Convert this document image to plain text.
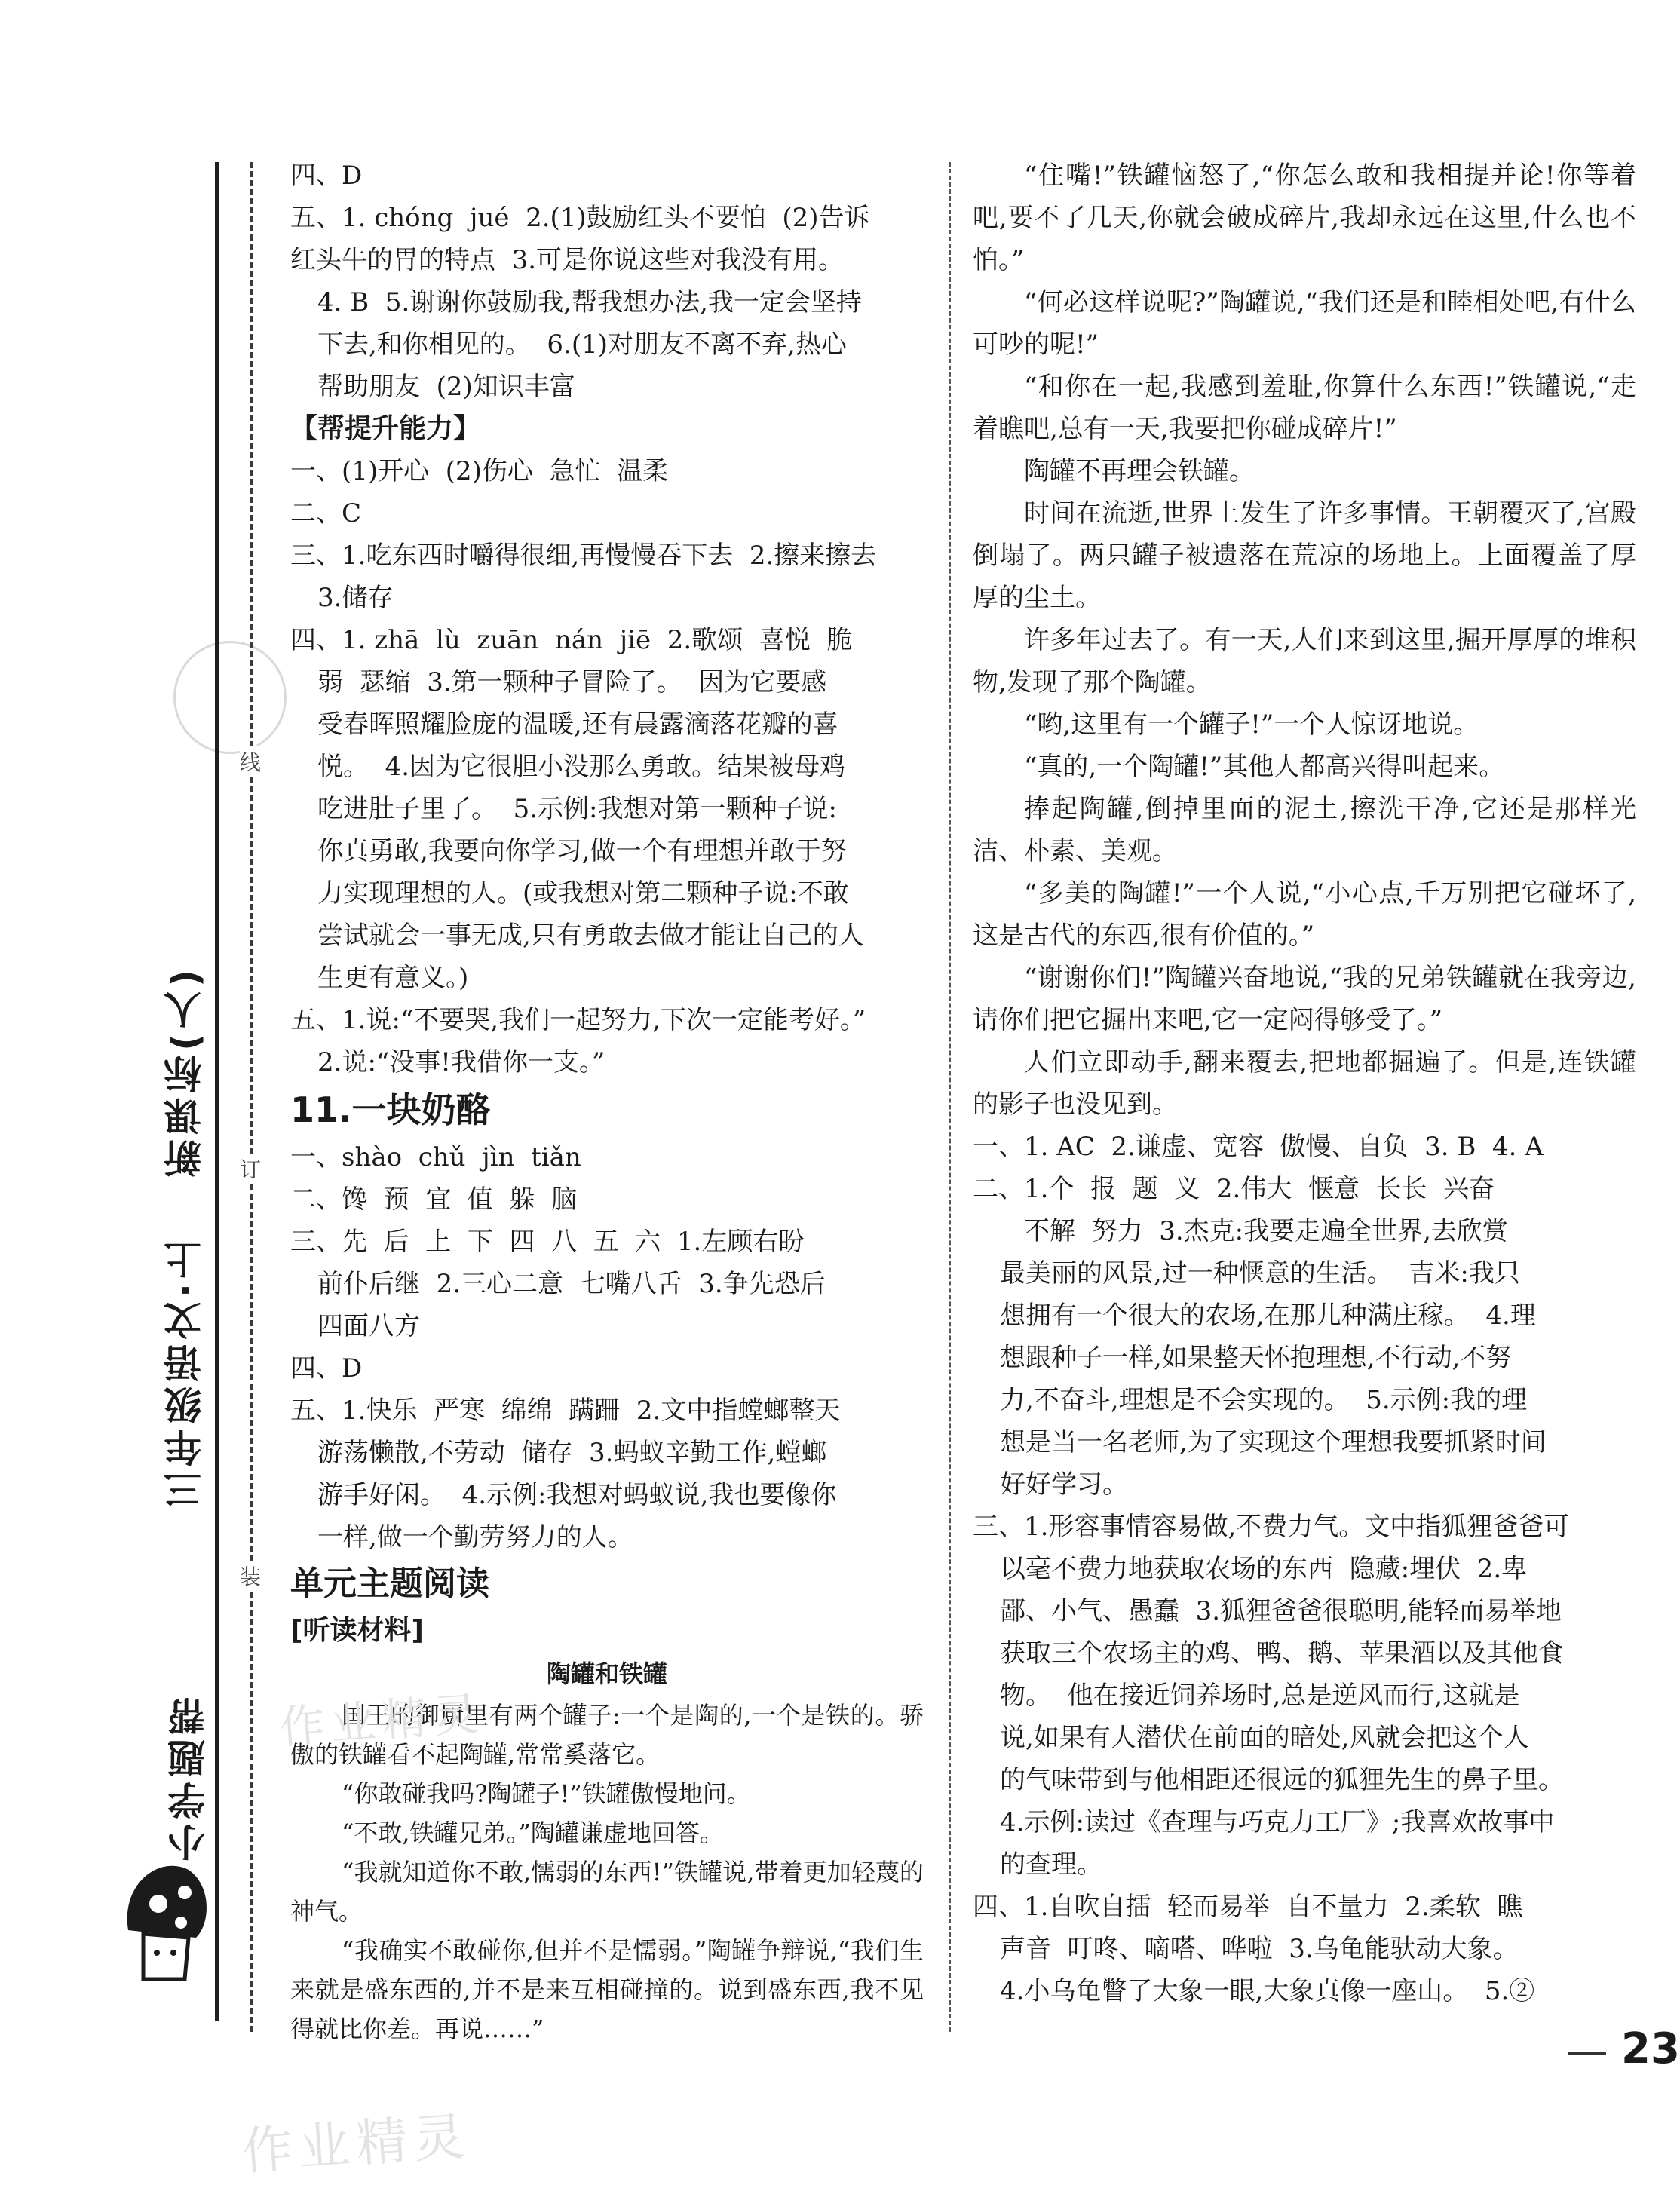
新课标(人)
三年级语文·上
小学题帮
线
订
装
四、D
五、1. chóng  jué  2.(1)鼓励红头不要怕  (2)告诉
红头牛的胃的特点  3.可是你说这些对我没有用。
4. B  5.谢谢你鼓励我,帮我想办法,我一定会坚持
下去,和你相见的。  6.(1)对朋友不离不弃,热心
帮助朋友  (2)知识丰富
【帮提升能力】
一、(1)开心  (2)伤心  急忙  温柔
二、C
三、1.吃东西时嚼得很细,再慢慢吞下去  2.擦来擦去
3.储存
四、1. zhā  lù  zuān  nán  jiē  2.歌颂  喜悦  脆
弱  瑟缩  3.第一颗种子冒险了。  因为它要感
受春晖照耀脸庞的温暖,还有晨露滴落花瓣的喜
悦。  4.因为它很胆小没那么勇敢。结果被母鸡
吃进肚子里了。  5.示例:我想对第一颗种子说:
你真勇敢,我要向你学习,做一个有理想并敢于努
力实现理想的人。(或我想对第二颗种子说:不敢
尝试就会一事无成,只有勇敢去做才能让自己的人
生更有意义。)
五、1.说:“不要哭,我们一起努力,下次一定能考好。”
2.说:“没事!我借你一支。”
11.一块奶酪
一、shào  chǔ  jìn  tiǎn
二、馋  预  宜  值  躲  脑
三、先  后  上  下  四  八  五  六  1.左顾右盼
前仆后继  2.三心二意  七嘴八舌  3.争先恐后
四面八方
四、D
五、1.快乐  严寒  绵绵  蹒跚  2.文中指螳螂整天
游荡懒散,不劳动  储存  3.蚂蚁辛勤工作,螳螂
游手好闲。  4.示例:我想对蚂蚁说,我也要像你
一样,做一个勤劳努力的人。
单元主题阅读
[听读材料]
陶罐和铁罐
国王的御厨里有两个罐子:一个是陶的,一个是铁的。骄傲的铁罐看不起陶罐,常常奚落它。
“你敢碰我吗?陶罐子!”铁罐傲慢地问。
“不敢,铁罐兄弟。”陶罐谦虚地回答。
“我就知道你不敢,懦弱的东西!”铁罐说,带着更加轻蔑的神气。
“我确实不敢碰你,但并不是懦弱。”陶罐争辩说,“我们生来就是盛东西的,并不是来互相碰撞的。说到盛东西,我不见得就比你差。再说……”
“住嘴!”铁罐恼怒了,“你怎么敢和我相提并论!你等着吧,要不了几天,你就会破成碎片,我却永远在这里,什么也不怕。”
“何必这样说呢?”陶罐说,“我们还是和睦相处吧,有什么可吵的呢!”
“和你在一起,我感到羞耻,你算什么东西!”铁罐说,“走着瞧吧,总有一天,我要把你碰成碎片!”
陶罐不再理会铁罐。
时间在流逝,世界上发生了许多事情。王朝覆灭了,宫殿倒塌了。两只罐子被遗落在荒凉的场地上。上面覆盖了厚厚的尘土。
许多年过去了。有一天,人们来到这里,掘开厚厚的堆积物,发现了那个陶罐。
“哟,这里有一个罐子!”一个人惊讶地说。
“真的,一个陶罐!”其他人都高兴得叫起来。
捧起陶罐,倒掉里面的泥土,擦洗干净,它还是那样光洁、朴素、美观。
“多美的陶罐!”一个人说,“小心点,千万别把它碰坏了,这是古代的东西,很有价值的。”
“谢谢你们!”陶罐兴奋地说,“我的兄弟铁罐就在我旁边,请你们把它掘出来吧,它一定闷得够受了。”
人们立即动手,翻来覆去,把地都掘遍了。但是,连铁罐的影子也没见到。
一、1. AC  2.谦虚、宽容  傲慢、自负  3. B  4. A
二、1.个  报  题  义  2.伟大  惬意  长长  兴奋
不解  努力  3.杰克:我要走遍全世界,去欣赏
最美丽的风景,过一种惬意的生活。  吉米:我只
想拥有一个很大的农场,在那儿种满庄稼。  4.理
想跟种子一样,如果整天怀抱理想,不行动,不努
力,不奋斗,理想是不会实现的。  5.示例:我的理
想是当一名老师,为了实现这个理想我要抓紧时间
好好学习。
三、1.形容事情容易做,不费力气。文中指狐狸爸爸可
以毫不费力地获取农场的东西  隐藏:埋伏  2.卑
鄙、小气、愚蠢  3.狐狸爸爸很聪明,能轻而易举地
获取三个农场主的鸡、鸭、鹅、苹果酒以及其他食
物。  他在接近饲养场时,总是逆风而行,这就是
说,如果有人潜伏在前面的暗处,风就会把这个人
的气味带到与他相距还很远的狐狸先生的鼻子里。
4.示例:读过《查理与巧克力工厂》;我喜欢故事中
的查理。
四、1.自吹自擂  轻而易举  自不量力  2.柔软  瞧
声音  叮咚、嘀嗒、哗啦  3.乌龟能驮动大象。
4.小乌龟瞥了大象一眼,大象真像一座山。  5.②
23
作业精灵
作业精灵
